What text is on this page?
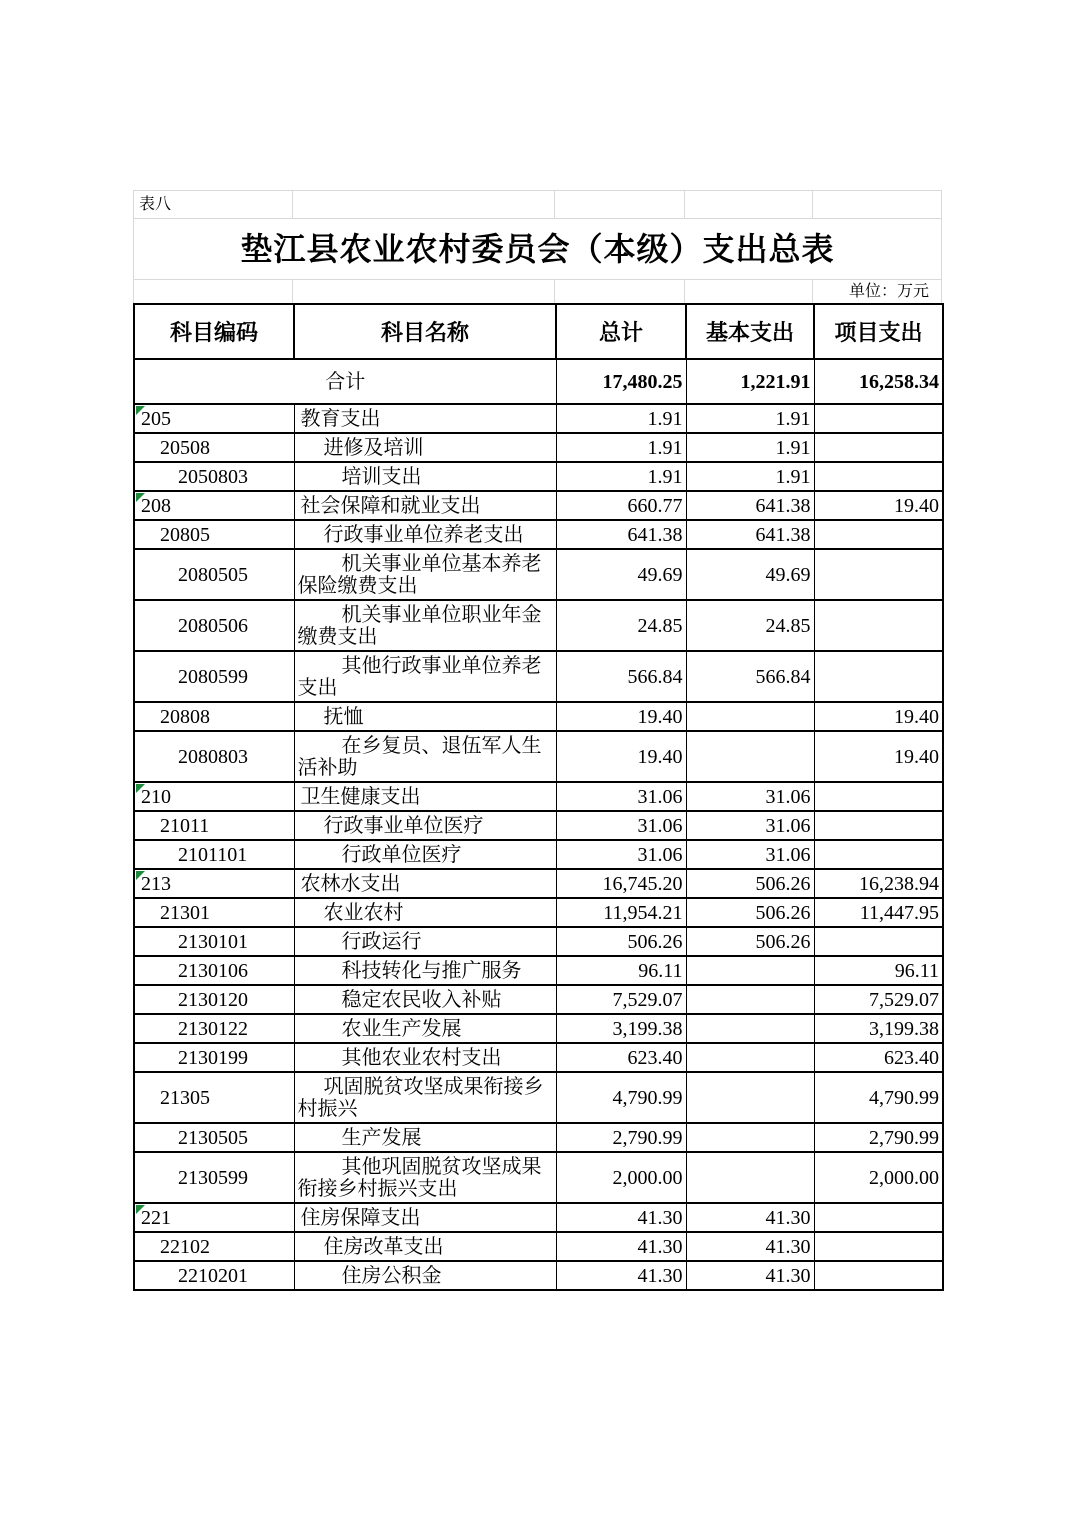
表八
垫江县农业农村委员会（本级）支出总表
单位：万元
科目编码	科目名称	总计	基本支出	项目支出
合计		17,480.25	1,221.91	16,258.34

205	教育支出	1.91	1.91	
20508	进修及培训	1.91	1.91	
2050803	培训支出	1.91	1.91	

208	社会保障和就业支出	660.77	641.38	19.40
20805	行政事业单位养老支出	641.38	641.38	
2080505	机关事业单位基本养老保险缴费支出	49.69	49.69	
2080506	机关事业单位职业年金缴费支出	24.85	24.85	
2080599	其他行政事业单位养老支出	566.84	566.84	
20808	抚恤	19.40		19.40
2080803	在乡复员、退伍军人生活补助	19.40		19.40

210	卫生健康支出	31.06	31.06	
21011	行政事业单位医疗	31.06	31.06	
2101101	行政单位医疗	31.06	31.06	

213	农林水支出	16,745.20	506.26	16,238.94
21301	农业农村	11,954.21	506.26	11,447.95
2130101	行政运行	506.26	506.26	
2130106	科技转化与推广服务	96.11		96.11
2130120	稳定农民收入补贴	7,529.07		7,529.07
2130122	农业生产发展	3,199.38		3,199.38
2130199	其他农业农村支出	623.40		623.40
21305	巩固脱贫攻坚成果衔接乡村振兴	4,790.99		4,790.99
2130505	生产发展	2,790.99		2,790.99
2130599	其他巩固脱贫攻坚成果衔接乡村振兴支出	2,000.00		2,000.00

221	住房保障支出	41.30	41.30	
22102	住房改革支出	41.30	41.30	
2210201	住房公积金	41.30	41.30	
